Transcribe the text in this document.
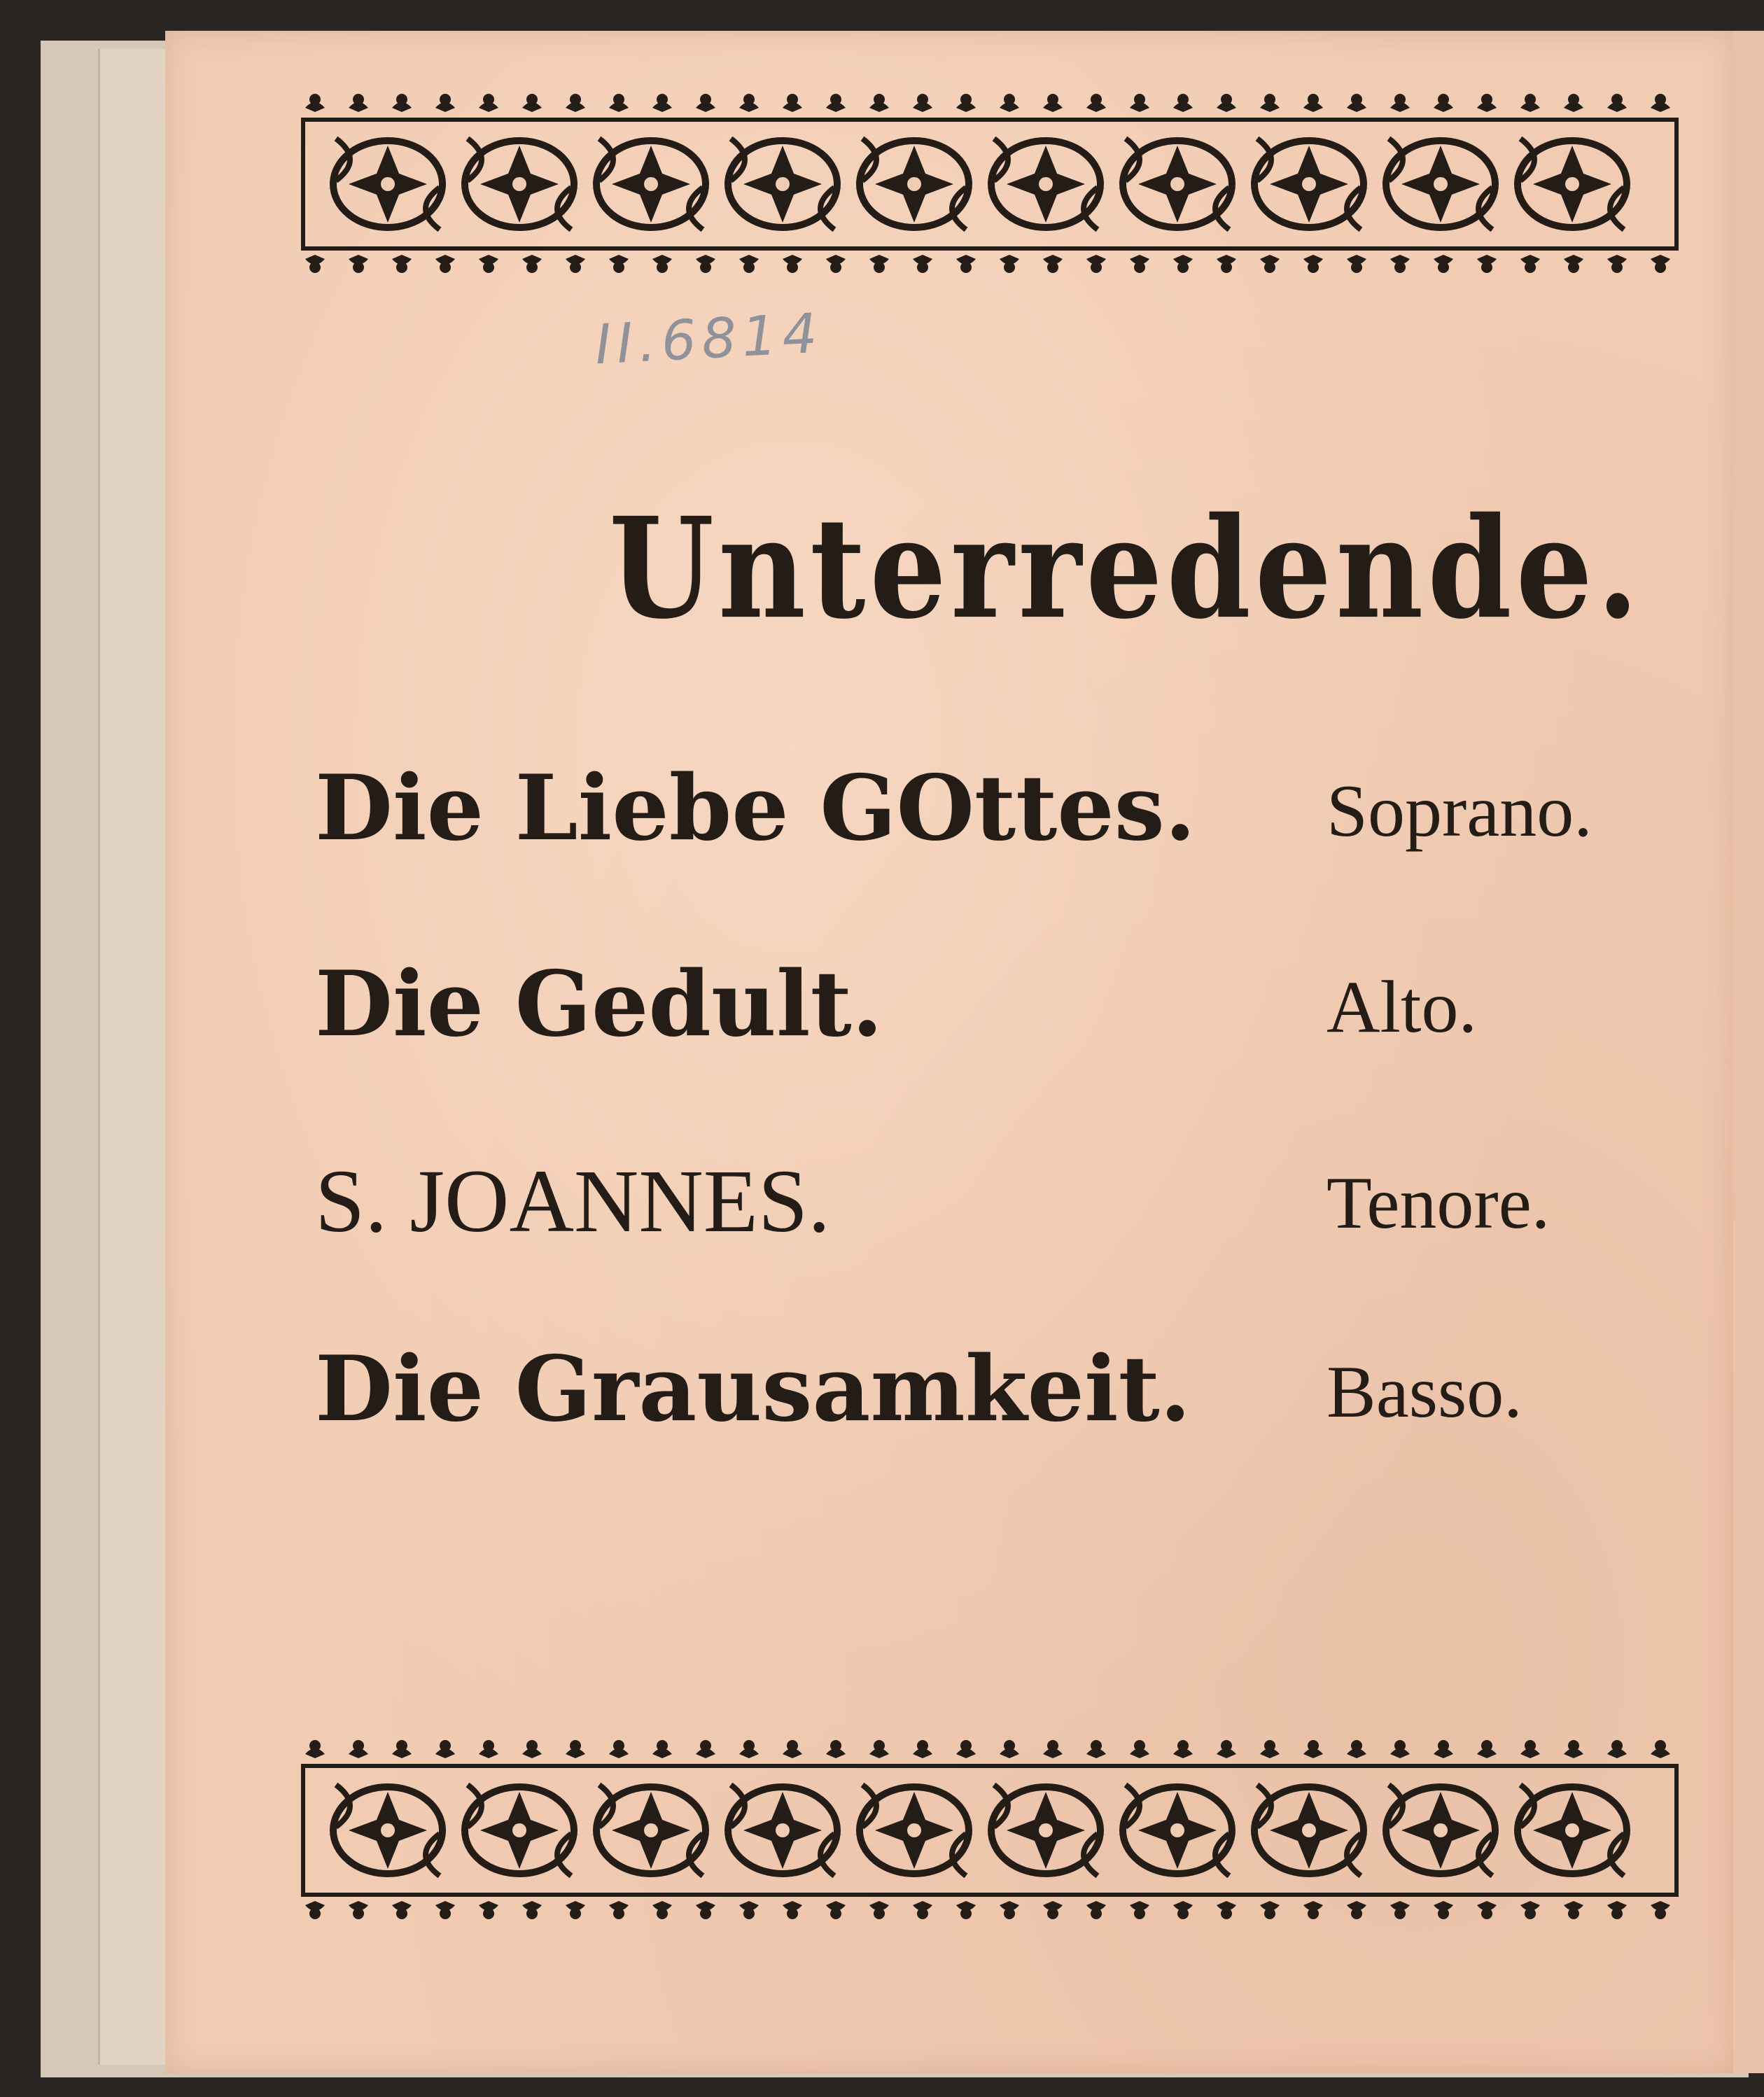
II.6814
Unterredende.
Die Liebe GOttes. Soprano.
Die Gedult.	Alto.
S. JOANNES.	Tenore.
Die Grausamkeit. Basso.
